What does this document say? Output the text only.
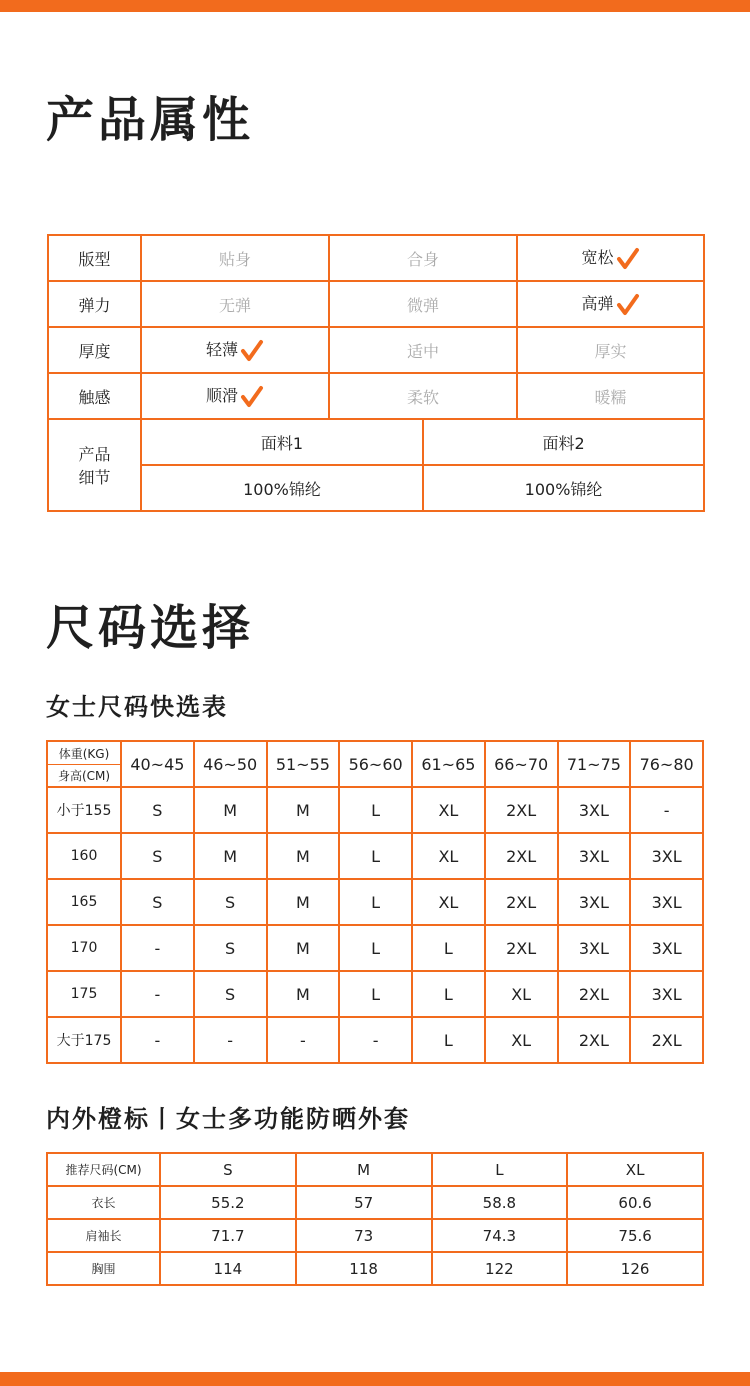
产品属性
版型	贴身	合身		宽松
弹力	无弹	微弹		高弹
厚度	轻薄	适中		厚实
触感	顺滑	柔软		暖糯

产品
细节	面料1		面料2	
	100%锦纶		100%锦纶	
尺码选择
女士尺码快选表
体重(KG)
身高(CM)	40~45	46~50	51~55	56~60	61~65	66~70	71~75	76~80
小于155	S	M	M	L	XL	2XL	3XL	-
160	S	M	M	L	XL	2XL	3XL	3XL
165	S	S	M	L	XL	2XL	3XL	3XL
170	-	S	M	L	L	2XL	3XL	3XL
175	-	S	M	L	L	XL	2XL	3XL
大于175	-	-	-	-	L	XL	2XL	2XL
内外橙标丨女士多功能防晒外套
推荐尺码(CM)	S	M	L	XL
衣长	55.2	57	58.8	60.6
肩袖长	71.7	73	74.3	75.6
胸围	114	118	122	126
